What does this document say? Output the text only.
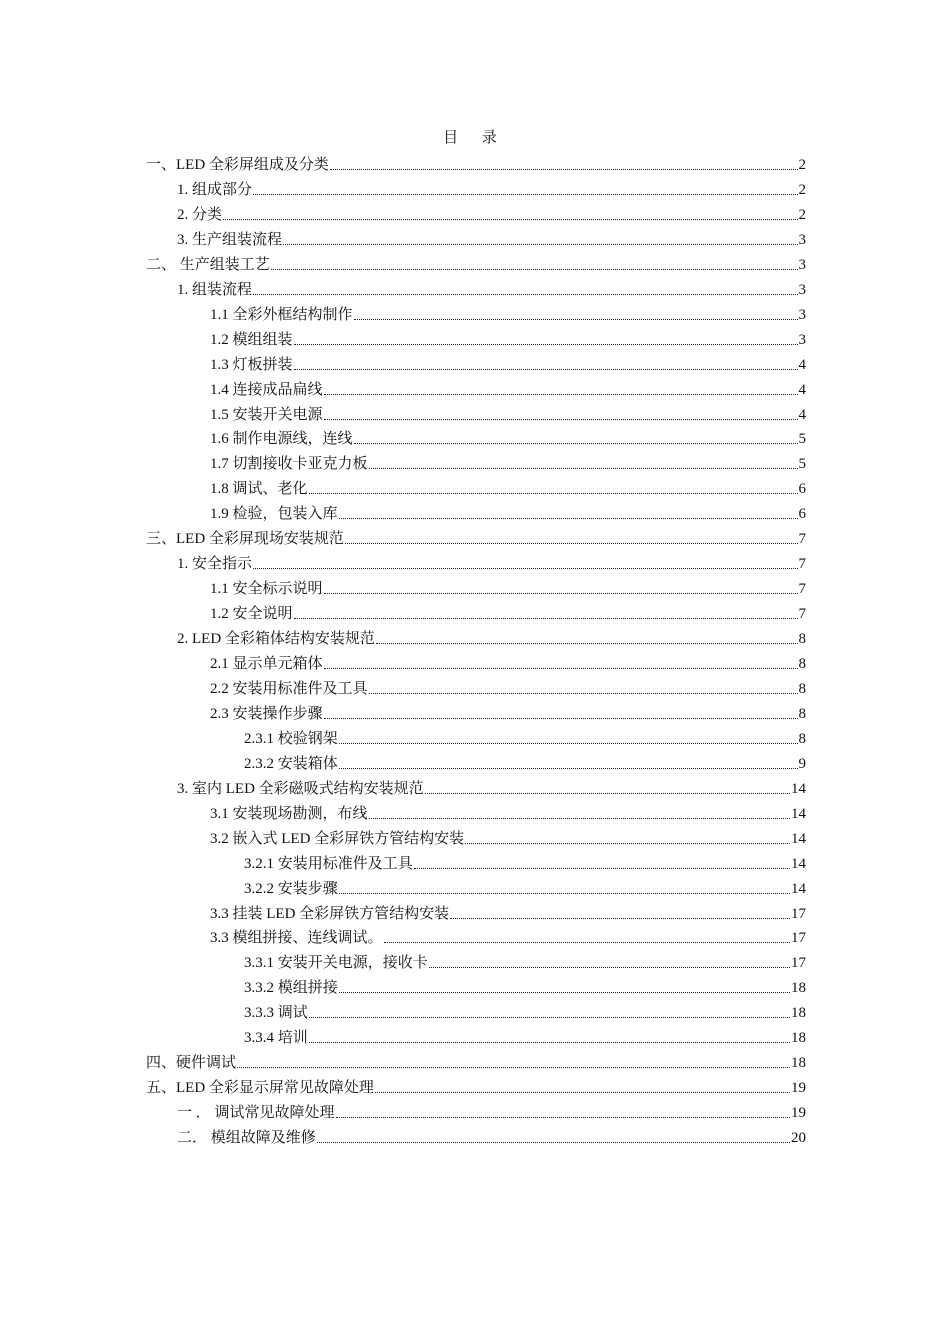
目 录
一、LED 全彩屏组成及分类	2
1. 组成部分	2
2. 分类	2
3. 生产组装流程	3
二、 生产组装工艺	3
1. 组装流程	3
1.1 全彩外框结构制作	3
1.2 模组组装	3
1.3 灯板拼装	4
1.4 连接成品扁线	4
1.5 安装开关电源	4
1.6 制作电源线，连线	5
1.7 切割接收卡亚克力板	5
1.8 调试、老化	6
1.9 检验，包装入库	6
三、LED 全彩屏现场安装规范	7
1. 安全指示	7
1.1 安全标示说明	7
1.2 安全说明	7
2. LED 全彩箱体结构安装规范	8
2.1 显示单元箱体	8
2.2 安装用标准件及工具	8
2.3 安装操作步骤	8
2.3.1 校验钢架	8
2.3.2 安装箱体	9
3. 室内 LED 全彩磁吸式结构安装规范	14
3.1 安装现场勘测，布线	14
3.2 嵌入式 LED 全彩屏铁方管结构安装	14
3.2.1 安装用标准件及工具	14
3.2.2 安装步骤	14
3.3 挂装 LED 全彩屏铁方管结构安装	17
3.3 模组拼接、连线调试。	17
3.3.1 安装开关电源，接收卡	17
3.3.2 模组拼接	18
3.3.3 调试	18
3.3.4 培训	18
四、硬件调试	18
五、LED 全彩显示屏常见故障处理	19
一 ． 调试常见故障处理	19
二． 模组故障及维修	20
